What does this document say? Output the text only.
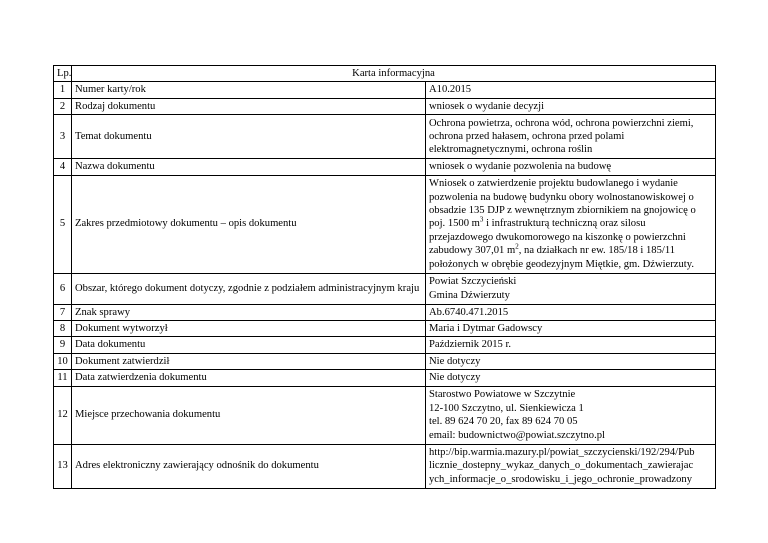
Lp.	Karta informacyjna	
1	Numer karty/rok	A10.2015
2	Rodzaj dokumentu	wniosek o wydanie decyzji
3	Temat dokumentu	Ochrona powietrza, ochrona wód, ochrona powierzchni ziemi, ochrona przed hałasem, ochrona przed polami elektromagnetycznymi, ochrona roślin
4	Nazwa dokumentu	wniosek o wydanie pozwolenia na budowę
5	Zakres przedmiotowy dokumentu – opis dokumentu	Wniosek o zatwierdzenie projektu budowlanego i wydanie pozwolenia na budowę budynku obory wolnostanowiskowej o obsadzie 135 DJP z wewnętrznym zbiornikiem na gnojowicę o poj. 1500 $m^3$ i infrastrukturą techniczną oraz silosu przejazdowego dwukomorowego na kiszonkę o powierzchni zabudowy 307,01 $m^2$, na działkach nr ew. 185/18 i 185/11 położonych w obrębie geodezyjnym Miętkie, gm. Dźwierzuty.
6	Obszar, którego dokument dotyczy, zgodnie z podziałem administracyjnym kraju	Powiat Szczycieński
Gmina Dźwierzuty

7	Znak sprawy	Ab.6740.471.2015
8	Dokument wytworzył	Maria i Dytmar Gadowscy
9	Data dokumentu	Październik 2015 r.
10	Dokument zatwierdził	Nie dotyczy
11	Data zatwierdzenia dokumentu	Nie dotyczy
12	Miejsce przechowania dokumentu	Starostwo Powiatowe w Szczytnie
12-100 Szczytno, ul. Sienkiewicza 1
tel. 89 624 70 20, fax 89 624 70 05
email: budownictwo@powiat.szczytno.pl

13	Adres elektroniczny zawierający odnośnik do dokumentu	http://bip.warmia.mazury.pl/powiat_szczycienski/192/294/Pub
licznie_dostepny_wykaz_danych_o_dokumentach_zawierajac
ych_informacje_o_srodowisku_i_jego_ochronie_prowadzony
